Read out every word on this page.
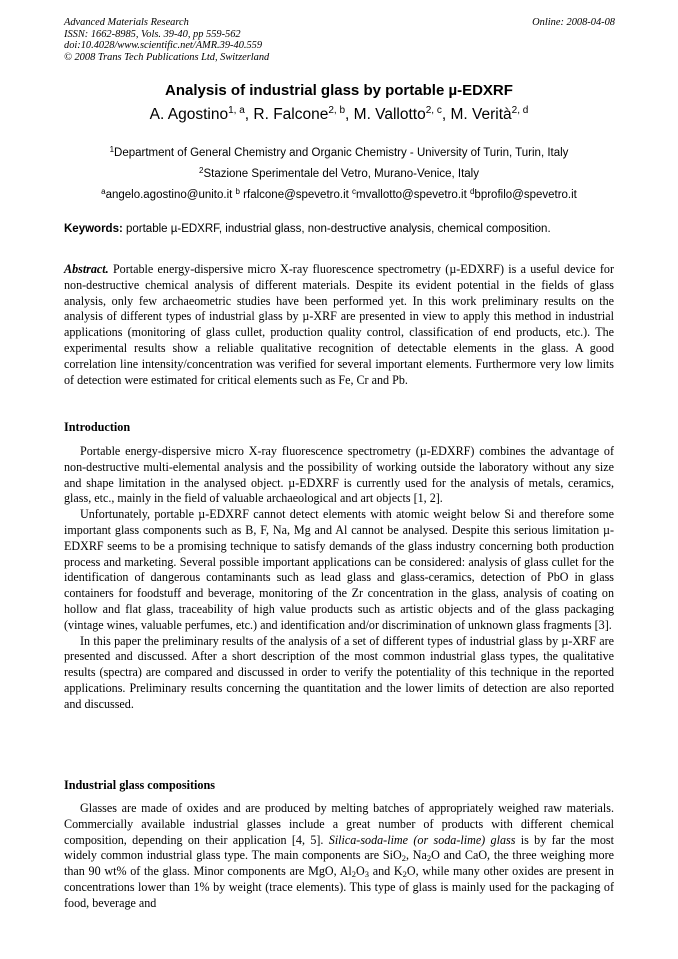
Advanced Materials Research
ISSN: 1662-8985, Vols. 39-40, pp 559-562
doi:10.4028/www.scientific.net/AMR.39-40.559
© 2008 Trans Tech Publications Ltd, Switzerland
Online: 2008-04-08
Analysis of industrial glass by portable µ-EDXRF
A. Agostino$^{1, a}$, R. Falcone$^{2, b}$, M. Vallotto$^{2, c}$, M. Verità$^{2, d}$
$^1$Department of General Chemistry and Organic Chemistry - University of Turin, Turin, Italy
$^2$Stazione Sperimentale del Vetro, Murano-Venice, Italy
$^a$angelo.agostino@unito.it $^b$ rfalcone@spevetro.it $^c$mvallotto@spevetro.it $^d$bprofilo@spevetro.it
Keywords: portable µ-EDXRF, industrial glass, non-destructive analysis, chemical composition.
Abstract. Portable energy-dispersive micro X-ray fluorescence spectrometry (µ-EDXRF) is a useful device for non-destructive chemical analysis of different materials. Despite its evident potential in the fields of glass analysis, only few archaeometric studies have been performed yet. In this work preliminary results on the analysis of different types of industrial glass by µ-XRF are presented in view to apply this method in industrial applications (monitoring of glass cullet, production quality control, classification of end products, etc.). The experimental results show a reliable qualitative recognition of detectable elements in the glass. A good correlation line intensity/concentration was verified for several important elements. Furthermore very low limits of detection were estimated for critical elements such as Fe, Cr and Pb.
Introduction

Portable energy-dispersive micro X-ray fluorescence spectrometry (µ-EDXRF) combines the advantage of non-destructive multi-elemental analysis and the possibility of working outside the laboratory without any size and shape limitation in the analysed object. µ-EDXRF is currently used for the analysis of metals, ceramics, glass, etc., mainly in the field of valuable archaeological and art objects [1, 2].

Unfortunately, portable µ-EDXRF cannot detect elements with atomic weight below Si and therefore some important glass components such as B, F, Na, Mg and Al cannot be analysed. Despite this serious limitation µ-EDXRF seems to be a promising technique to satisfy demands of the glass industry concerning both production process and marketing. Several possible important applications can be considered: analysis of glass cullet for the identification of dangerous contaminants such as lead glass and glass-ceramics, detection of PbO in glass containers for foodstuff and beverage, monitoring of the Zr concentration in the glass, analysis of coating on hollow and flat glass, traceability of high value products such as artistic objects and of the glass packaging (vintage wines, valuable perfumes, etc.) and identification and/or discrimination of unknown glass fragments [3].

In this paper the preliminary results of the analysis of a set of different types of industrial glass by µ-XRF are presented and discussed. After a short description of the most common industrial glass types, the qualitative results (spectra) are compared and discussed in order to verify the potentiality of this technique in the reported applications. Preliminary results concerning the quantitation and the lower limits of detection are also reported and discussed.

Industrial glass compositions

Glasses are made of oxides and are produced by melting batches of appropriately weighed raw materials. Commercially available industrial glasses include a great number of products with different chemical composition, depending on their application [4, 5]. Silica-soda-lime (or soda-lime) glass is by far the most widely common industrial glass type. The main components are SiO$_2$, $Na_2O$ and CaO, the three weighing more than 90 wt% of the glass. Minor components are MgO, $Al_2O_3$ and $K_2O$, while many other oxides are present in concentrations lower than 1% by weight (trace elements). This type of glass is mainly used for the packaging of food, beverage and
